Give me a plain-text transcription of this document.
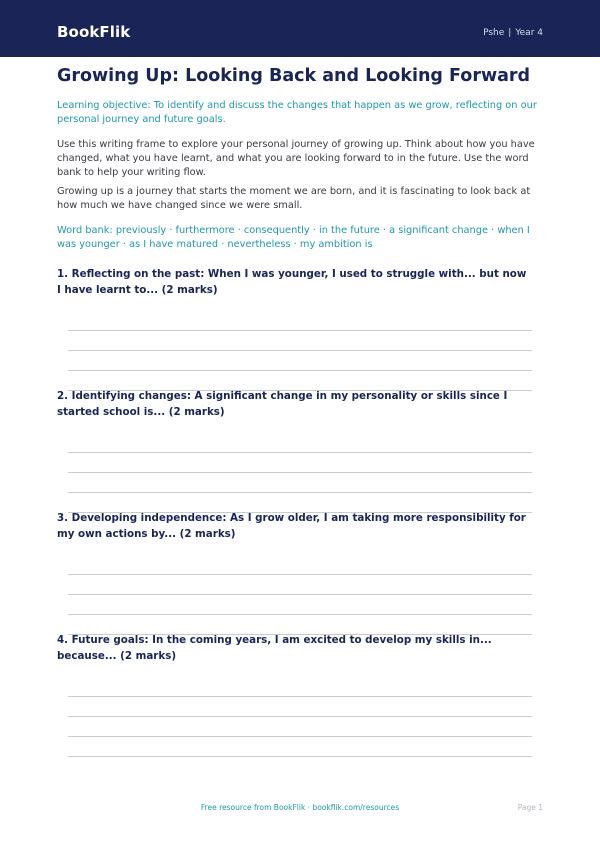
BookFlik	Pshe | Year 4
Growing Up: Looking Back and Looking Forward
Learning objective: To identify and discuss the changes that happen as we grow, reflecting on our personal journey and future goals.
Use this writing frame to explore your personal journey of growing up. Think about how you have changed, what you have learnt, and what you are looking forward to in the future. Use the word bank to help your writing flow.
Growing up is a journey that starts the moment we are born, and it is fascinating to look back at how much we have changed since we were small.
Word bank: previously · furthermore · consequently · in the future · a significant change · when I was younger · as I have matured · nevertheless · my ambition is
1. Reflecting on the past: When I was younger, I used to struggle with... but now I have learnt to... (2 marks)
2. Identifying changes: A significant change in my personality or skills since I started school is... (2 marks)
3. Developing independence: As I grow older, I am taking more responsibility for my own actions by... (2 marks)
4. Future goals: In the coming years, I am excited to develop my skills in... because... (2 marks)
Free resource from BookFlik · bookflik.com/resources	Page 1
